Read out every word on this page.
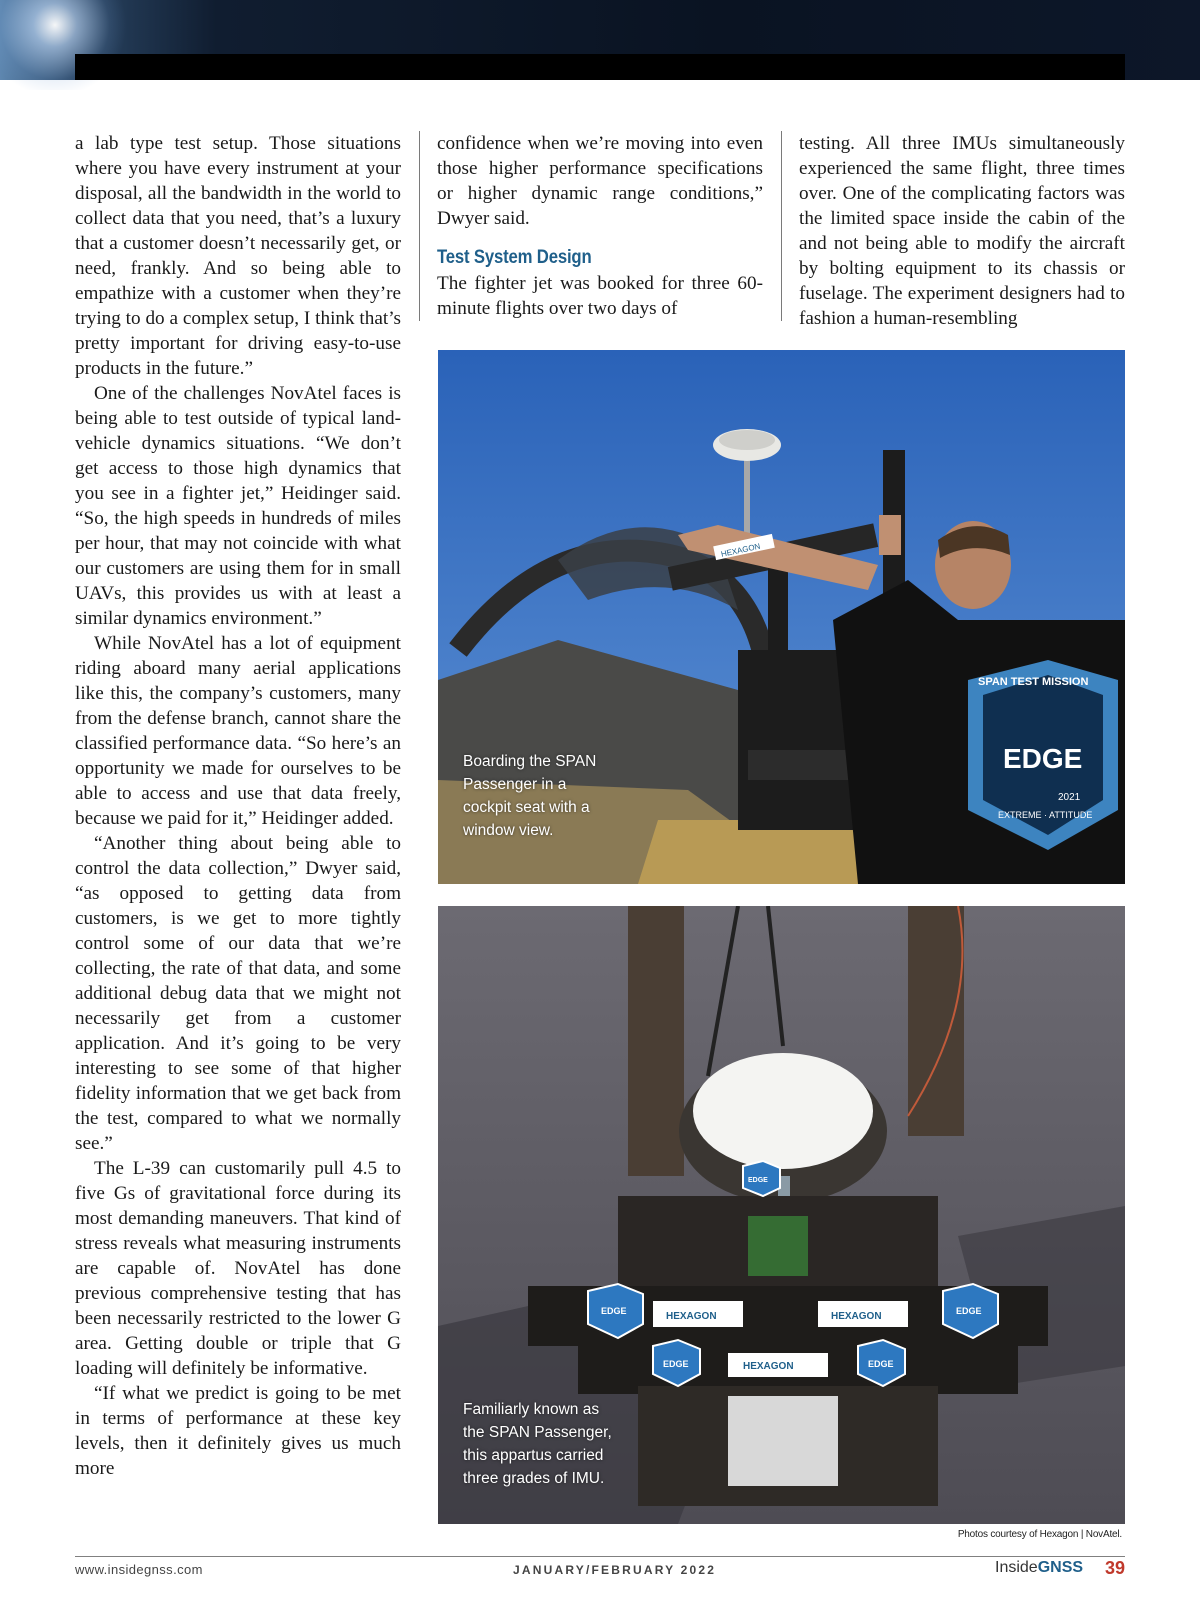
a lab type test setup. Those situations where you have every instrument at your disposal, all the bandwidth in the world to collect data that you need, that’s a luxury that a customer doesn’t necessarily get, or need, frankly. And so being able to empathize with a customer when they’re trying to do a complex setup, I think that’s pretty important for driving easy-to-use products in the future.”

One of the challenges NovAtel faces is being able to test outside of typical land-vehicle dynamics situations. “We don’t get access to those high dynamics that you see in a fighter jet,” Heidinger said. “So, the high speeds in hundreds of miles per hour, that may not coincide with what our customers are using them for in small UAVs, this provides us with at least a similar dynamics environment.”

While NovAtel has a lot of equipment riding aboard many aerial applications like this, the company’s customers, many from the defense branch, cannot share the classified performance data. “So here’s an opportunity we made for ourselves to be able to access and use that data freely, because we paid for it,” Heidinger added.

“Another thing about being able to control the data collection,” Dwyer said, “as opposed to getting data from customers, is we get to more tightly control some of our data that we’re collecting, the rate of that data, and some additional debug data that we might not necessarily get from a customer application. And it’s going to be very interesting to see some of that higher fidelity information that we get back from the test, compared to what we normally see.”

The L-39 can customarily pull 4.5 to five Gs of gravitational force during its most demanding maneuvers. That kind of stress reveals what measuring instruments are capable of. NovAtel has done previous comprehensive testing that has been necessarily restricted to the lower G area. Getting double or triple that G loading will definitely be informative.

“If what we predict is going to be met in terms of performance at these key levels, then it definitely gives us much more

confidence when we’re moving into even those higher performance specifications or higher dynamic range conditions,” Dwyer said.

Test System Design

The fighter jet was booked for three 60-minute flights over two days of

testing. All three IMUs simultaneously experienced the same flight, three times over. One of the complicating factors was the limited space inside the cabin of the and not being able to modify the aircraft by bolting equipment to its chassis or fuselage. The experiment designers had to fashion a human-resembling

SPAN TEST MISSION
EDGE
2021
EXTREME · ATTITUDE
HEXAGON
Boarding the SPAN Passenger in a cockpit seat with a window view.
HEXAGON	HEXAGON
HEXAGON
EDGE	EDGE
EDGE	EDGE
EDGE
Familiarly known as the SPAN Passenger, this appartus carried three grades of IMU.
Photos courtesy of Hexagon | NovAtel.
www.insidegnss.com	JANUARY/FEBRUARY 2022	InsideGNSS 39
